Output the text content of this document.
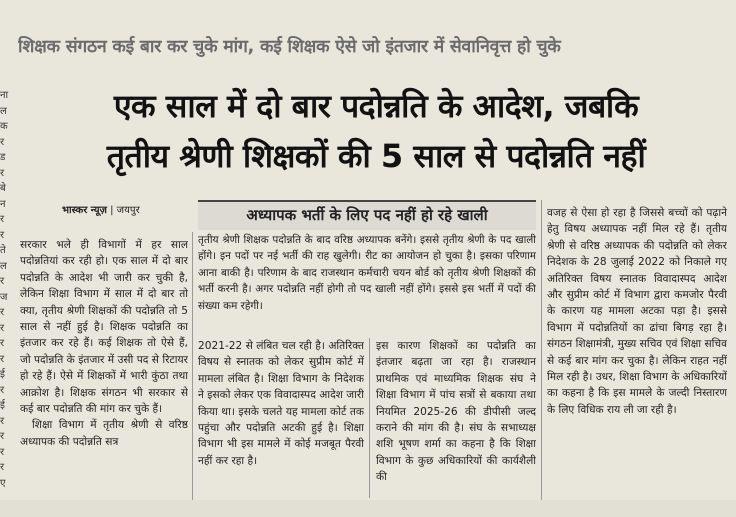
ना
ल
क
र
ड
र
बे
न
र
र
ते
ल
र
ज
र
र
र
र
ई
र
ई
र
र
र
र
ए
शिक्षक संगठन कई बार कर चुके मांग, कई शिक्षक ऐसे जो इंतजार में सेवानिवृत्त हो चुके
एक साल में दो बार पदोन्नति के आदेश, जबकि
तृतीय श्रेणी शिक्षकों की 5 साल से पदोन्नति नहीं
भास्कर न्यूज़ | जयपुर	अध्यापक भर्ती के लिए पद नहीं हो रहे खाली

सरकार भले ही विभागों में हर साल पदोन्नतियां कर रही हो। एक साल में दो बार पदोन्नति के आदेश भी जारी कर चुकी है, लेकिन शिक्षा विभाग में साल में दो बार तो क्या, तृतीय श्रेणी शिक्षकों की पदोन्नति तो 5 साल से नहीं हुई है। शिक्षक पदोन्नति का इंतजार कर रहे हैं। कई शिक्षक तो ऐसे हैं, जो पदोन्नति के इंतजार में उसी पद से रिटायर हो रहे हैं। ऐसे में शिक्षकों में भारी कुंठा तथा आक्रोश है। शिक्षक संगठन भी सरकार से कई बार पदोन्नति की मांग कर चुके हैं।

शिक्षा विभाग में तृतीय श्रेणी से वरिष्ठ अध्यापक की पदोन्नति सत्र

तृतीय श्रेणी शिक्षक पदोन्नति के बाद वरिष्ठ अध्यापक बनेंगे। इससे तृतीय श्रेणी के पद खाली होंगे। इन पदों पर नई भर्ती की राह खुलेगी। रीट का आयोजन हो चुका है। इसका परिणाम आना बाकी है। परिणाम के बाद राजस्थान कर्मचारी चयन बोर्ड को तृतीय श्रेणी शिक्षकों की भर्ती करनी है। अगर पदोन्नति नहीं होगी तो पद खाली नहीं होंगे। इससे इस भर्ती में पदों की संख्या कम रहेगी।

2021-22 से लंबित चल रही है। अतिरिक्त विषय से स्नातक को लेकर सुप्रीम कोर्ट में मामला लंबित है। शिक्षा विभाग के निदेशक ने इसको लेकर एक विवादास्पद आदेश जारी किया था। इसके चलते यह मामला कोर्ट तक पहुंचा और पदोन्नति अटकी हुई है। शिक्षा विभाग भी इस मामले में कोई मजबूत पैरवी नहीं कर रहा है।

इस कारण शिक्षकों का पदोन्नति का इंतजार बढ़ता जा रहा है। राजस्थान प्राथमिक एवं माध्यमिक शिक्षक संघ ने शिक्षा विभाग में पांच सत्रों से बकाया तथा नियमित 2025-26 की डीपीसी जल्द कराने की मांग की है। संघ के सभाध्यक्ष शशि भूषण शर्मा का कहना है कि शिक्षा विभाग के कुछ अधिकारियों की कार्यशैली की

वजह से ऐसा हो रहा है जिससे बच्चों को पढ़ाने हेतु विषय अध्यापक नहीं मिल रहे हैं। तृतीय श्रेणी से वरिष्ठ अध्यापक की पदोन्नति को लेकर निदेशक के 28 जुलाई 2022 को निकाले गए अतिरिक्त विषय स्नातक विवादास्पद आदेश और सुप्रीम कोर्ट में विभाग द्वारा कमजोर पैरवी के कारण यह मामला अटका पड़ा है। इससे विभाग में पदोन्नतियों का ढांचा बिगड़ रहा है। संगठन शिक्षामंत्री, मुख्य सचिव एवं शिक्षा सचिव से कई बार मांग कर चुका है। लेकिन राहत नहीं मिल रही है। उधर, शिक्षा विभाग के अधिकारियों का कहना है कि इस मामले के जल्दी निस्तारण के लिए विधिक राय ली जा रही है।
